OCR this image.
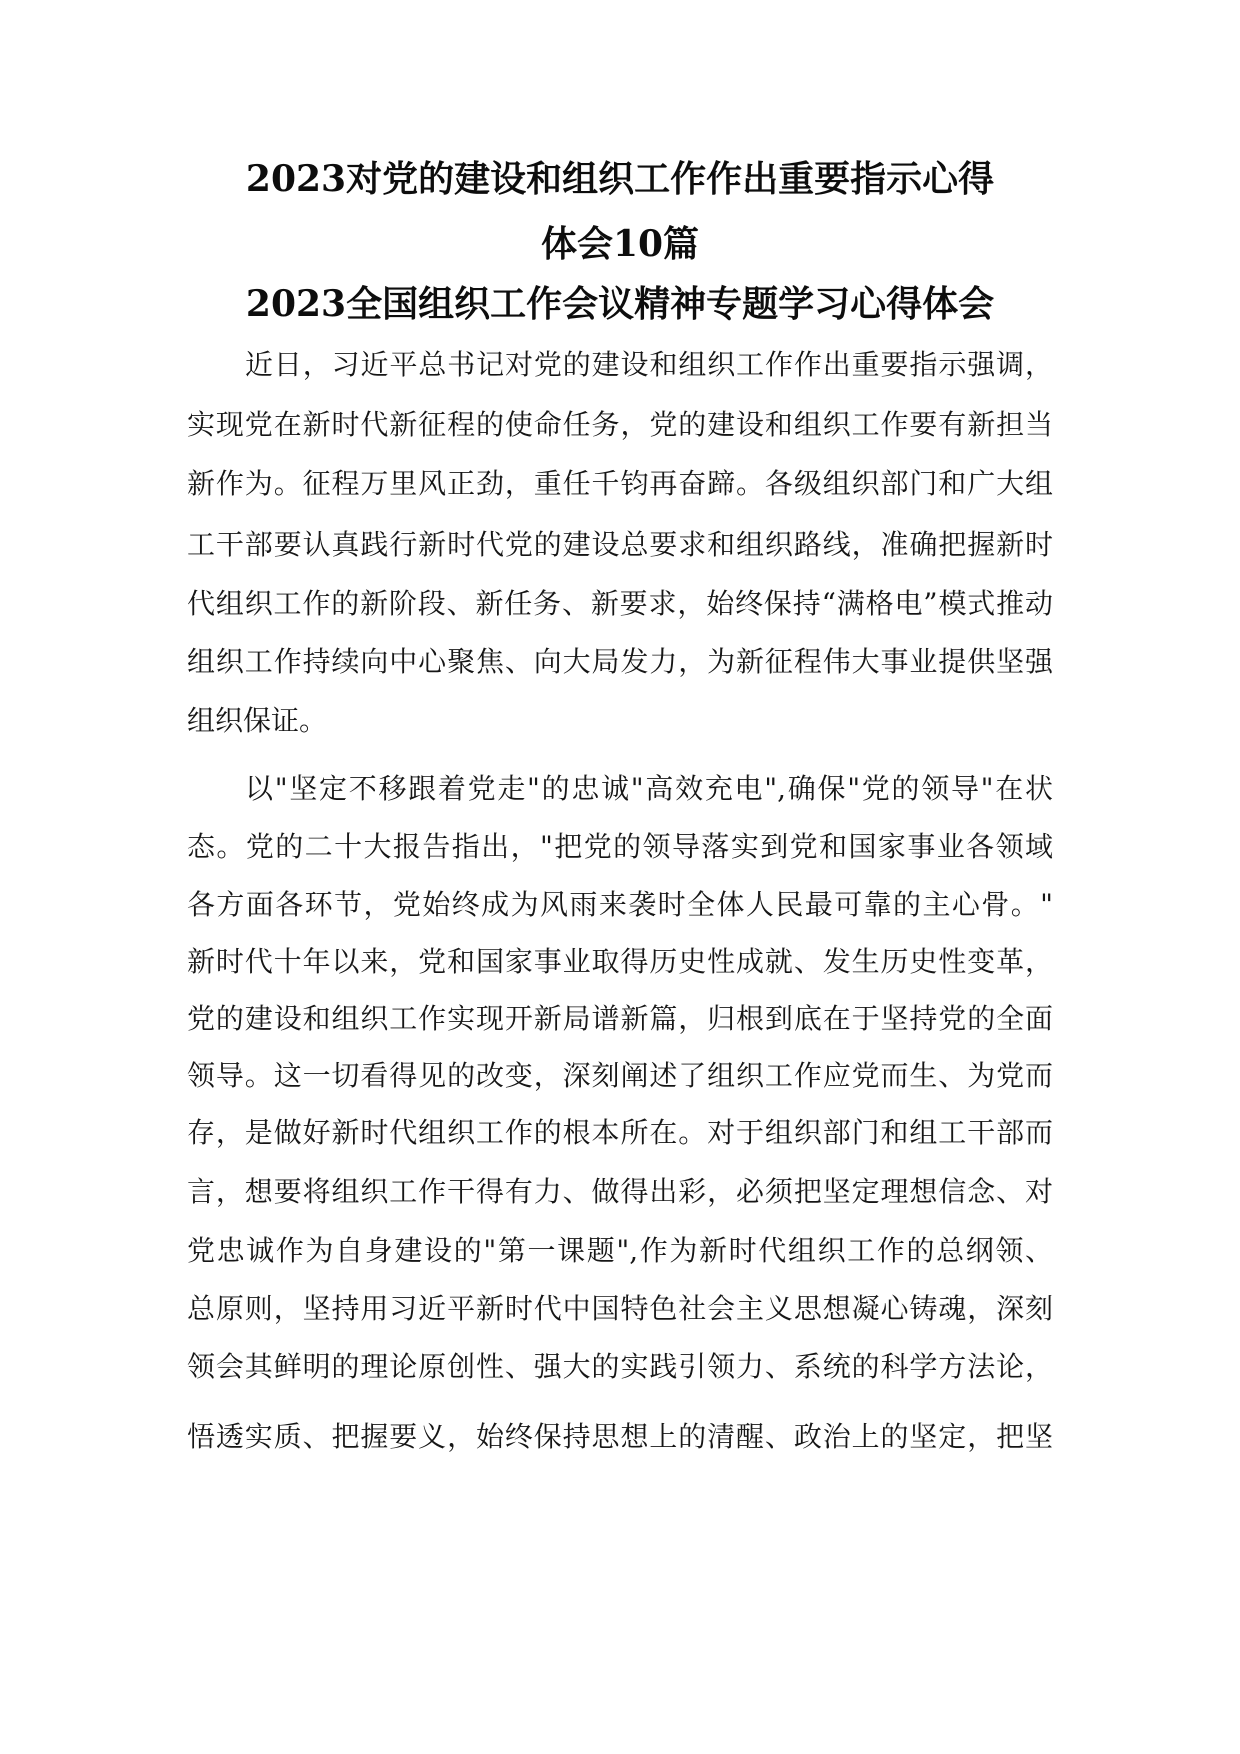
2023对党的建设和组织工作作出重要指示心得
体会10篇
2023全国组织工作会议精神专题学习心得体会
近日，习近平总书记对党的建设和组织工作作出重要指示强调，
实现党在新时代新征程的使命任务，党的建设和组织工作要有新担当
新作为。征程万里风正劲，重任千钧再奋蹄。各级组织部门和广大组
工干部要认真践行新时代党的建设总要求和组织路线，准确把握新时
代组织工作的新阶段、新任务、新要求，始终保持“满格电”模式推动
组织工作持续向中心聚焦、向大局发力，为新征程伟大事业提供坚强
组织保证。
以"坚定不移跟着党走"的忠诚"高效充电",确保"党的领导"在状
态。党的二十大报告指出，"把党的领导落实到党和国家事业各领域
各方面各环节，党始终成为风雨来袭时全体人民最可靠的主心骨。"
新时代十年以来，党和国家事业取得历史性成就、发生历史性变革，
党的建设和组织工作实现开新局谱新篇，归根到底在于坚持党的全面
领导。这一切看得见的改变，深刻阐述了组织工作应党而生、为党而
存，是做好新时代组织工作的根本所在。对于组织部门和组工干部而
言，想要将组织工作干得有力、做得出彩，必须把坚定理想信念、对
党忠诚作为自身建设的"第一课题",作为新时代组织工作的总纲领、
总原则，坚持用习近平新时代中国特色社会主义思想凝心铸魂，深刻
领会其鲜明的理论原创性、强大的实践引领力、系统的科学方法论，
悟透实质、把握要义，始终保持思想上的清醒、政治上的坚定，把坚
